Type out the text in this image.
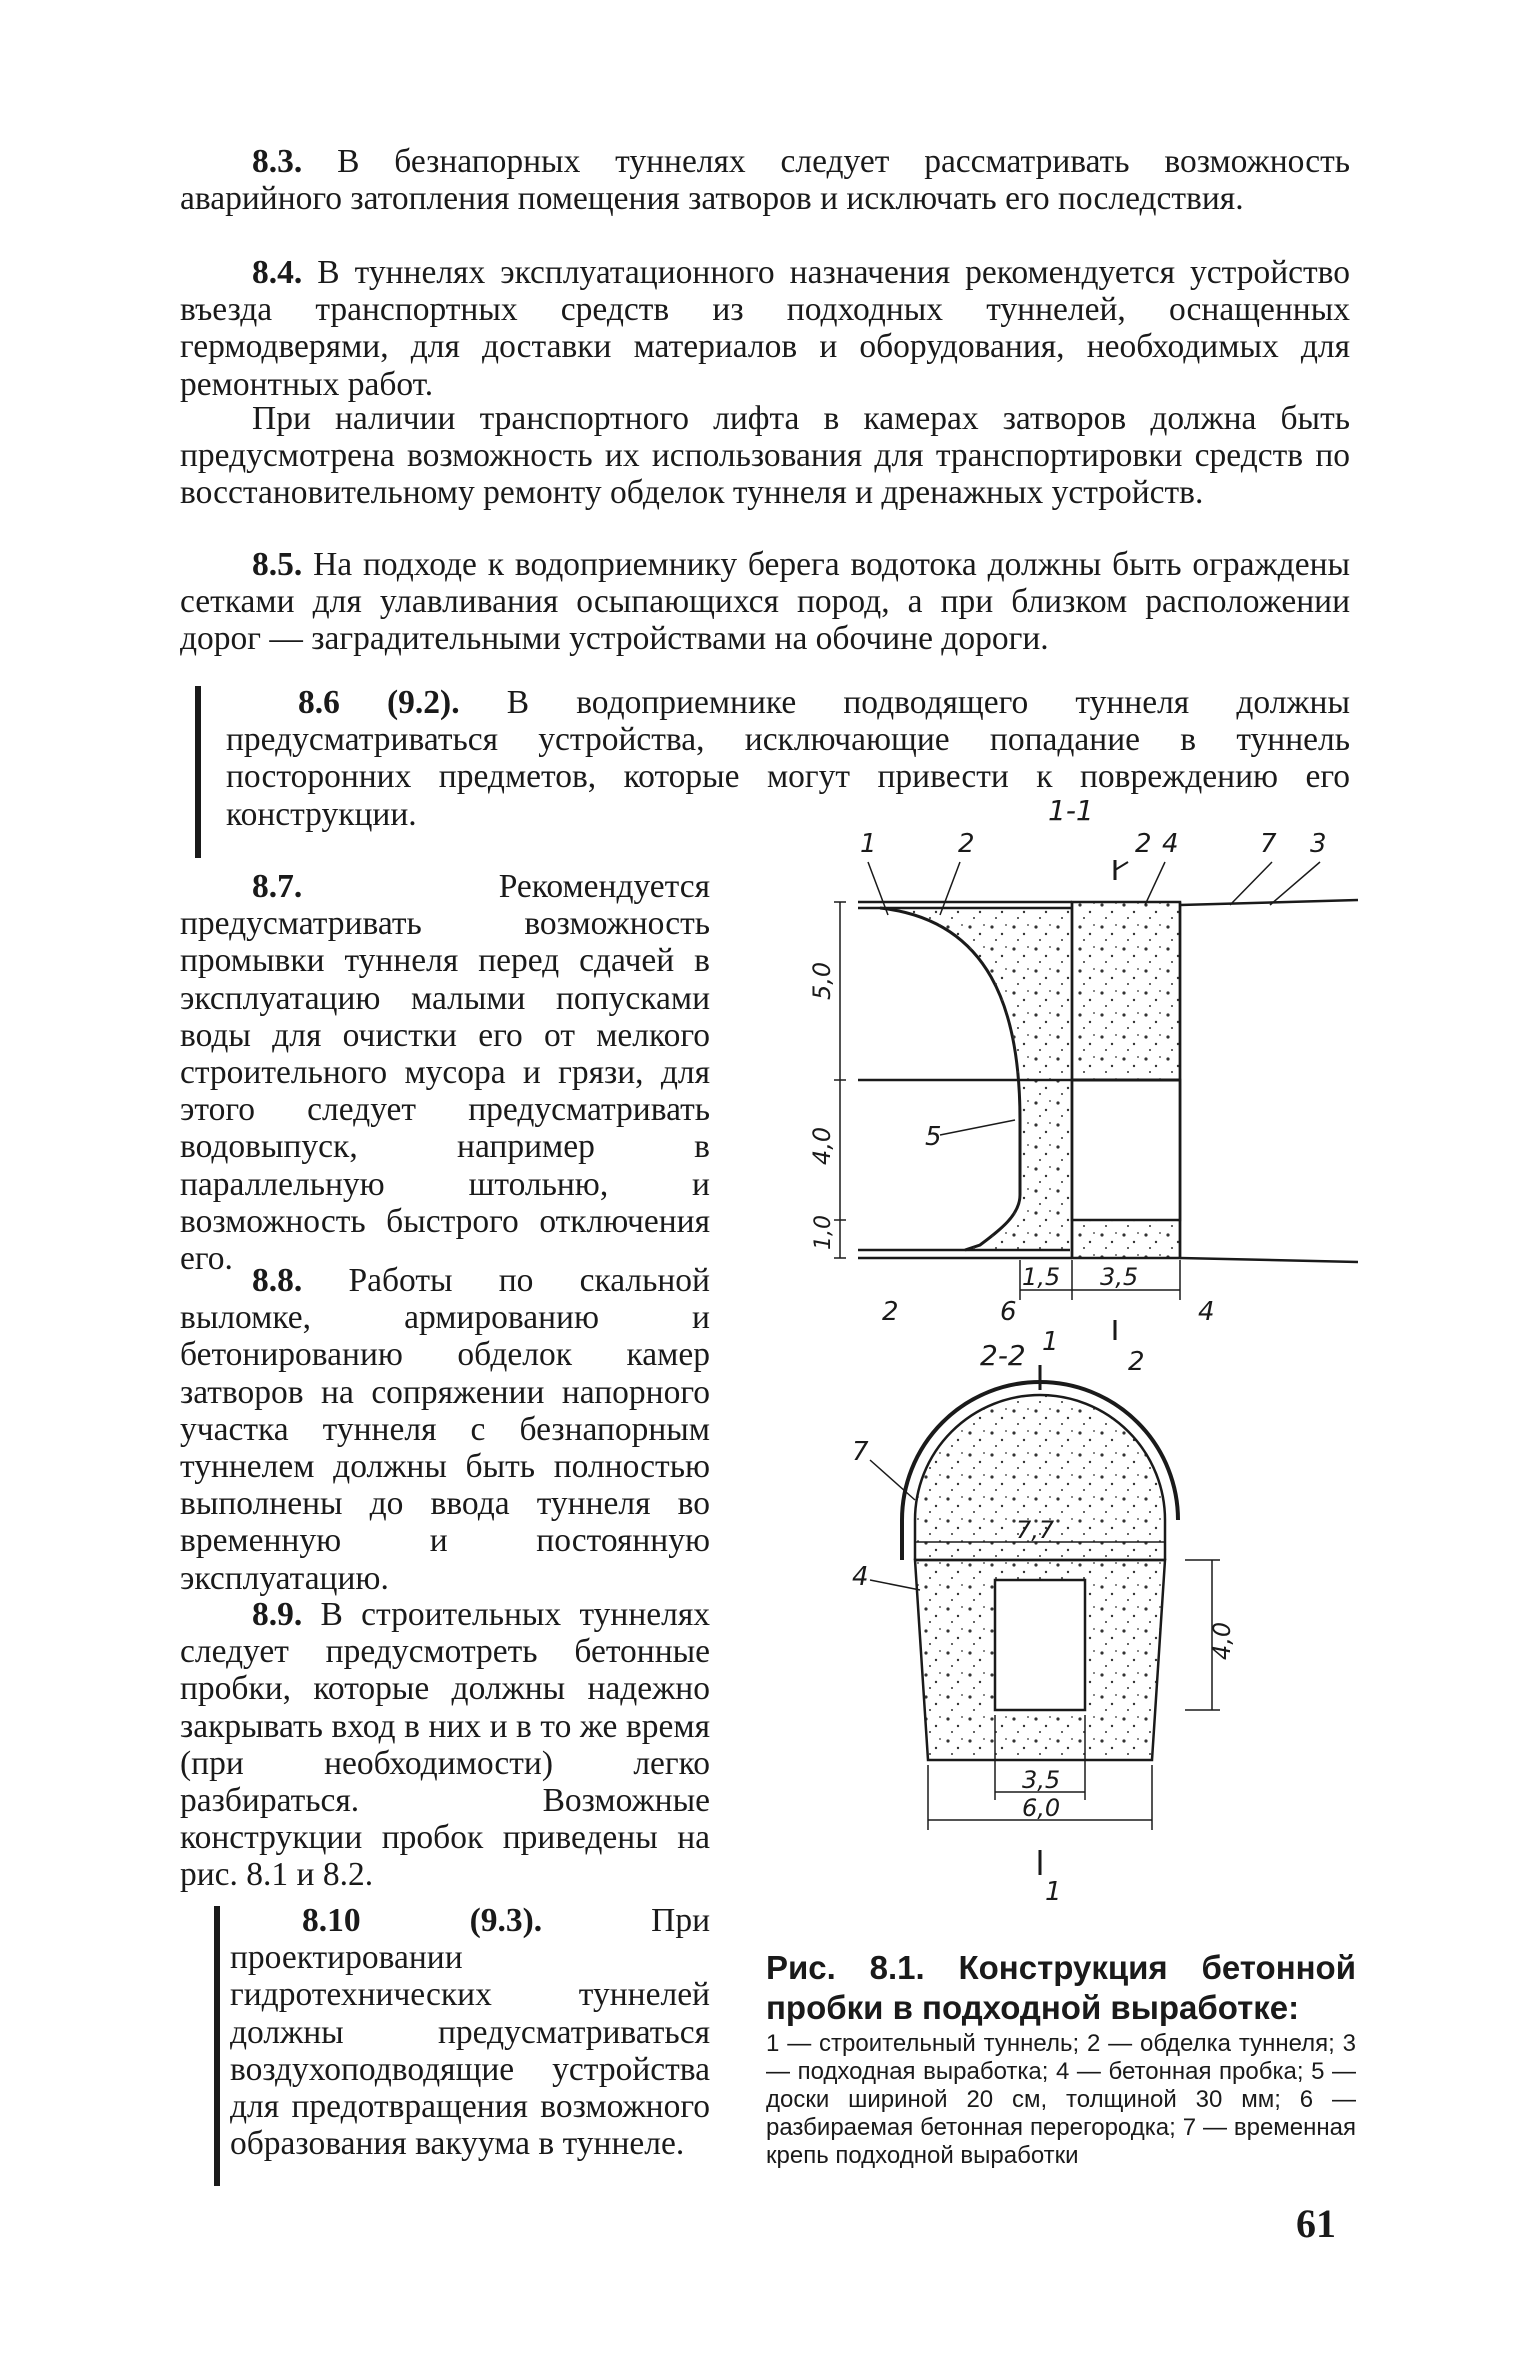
8.3. В безнапорных туннелях следует рассматривать возможность аварийного затопления помещения затворов и исключать его последствия.

8.4. В туннелях эксплуатационного назначения рекомендуется устройство въезда транспортных средств из подходных туннелей, оснащенных гермодверями, для доставки материалов и оборудования, необходимых для ремонтных работ.

При наличии транспортного лифта в камерах затворов должна быть предусмотрена возможность их использования для транспортировки средств по восстановительному ремонту обделок туннеля и дренажных устройств.

8.5. На подходе к водоприемнику берега водотока должны быть ограждены сетками для улавливания осыпающихся пород, а при близком расположении дорог — заградительными устройствами на обочине дороги.

8.6 (9.2). В водоприемнике подводящего туннеля должны предусматриваться устройства, исключающие попадание в туннель посторонних предметов, которые могут привести к повреждению его конструкции.

8.7.	Рекомендуется предусматривать возможность промывки туннеля перед сдачей в эксплуатацию малыми попусками воды для очистки его от мелкого строительного мусора и грязи, для этого следует предусматривать водовыпуск, например в параллельную штольню, и возможность быстрого отключения его.

8.8. Работы по скальной выломке, армированию и бетонированию обделок камер затворов на сопряжении напорного участка туннеля с безнапорным туннелем должны быть полностью выполнены до ввода туннеля во временную и постоянную эксплуатацию.

8.9. В строительных туннелях следует предусмотреть бетонные пробки, которые должны надежно закрывать вход в них и в то же время (при необходимости) легко разбираться. Возможные конструкции пробок приведены на рис. 8.1 и 8.2.

8.10 (9.3).	При проектировании гидротехнических туннелей должны предусматриваться воздухоподводящие устройства для предотвращения возможного образования вакуума в туннеле.

1-1
1	2	2 4	7 3
5
2	6	4
5,0
4,0
1,0
1,5 3,5
2-2 1
2
7
4
7,7
4,0
3,5
6,0
1

Рис. 8.1. Конструкция бетонной пробки в подходной выработке:

1 — строительный туннель; 2 — обделка туннеля; 3 — подходная выработка; 4 — бетонная пробка; 5 — доски шириной 20 см, толщиной 30 мм; 6 — разбираемая бетонная перегородка; 7 — временная крепь подходной выработки

61
